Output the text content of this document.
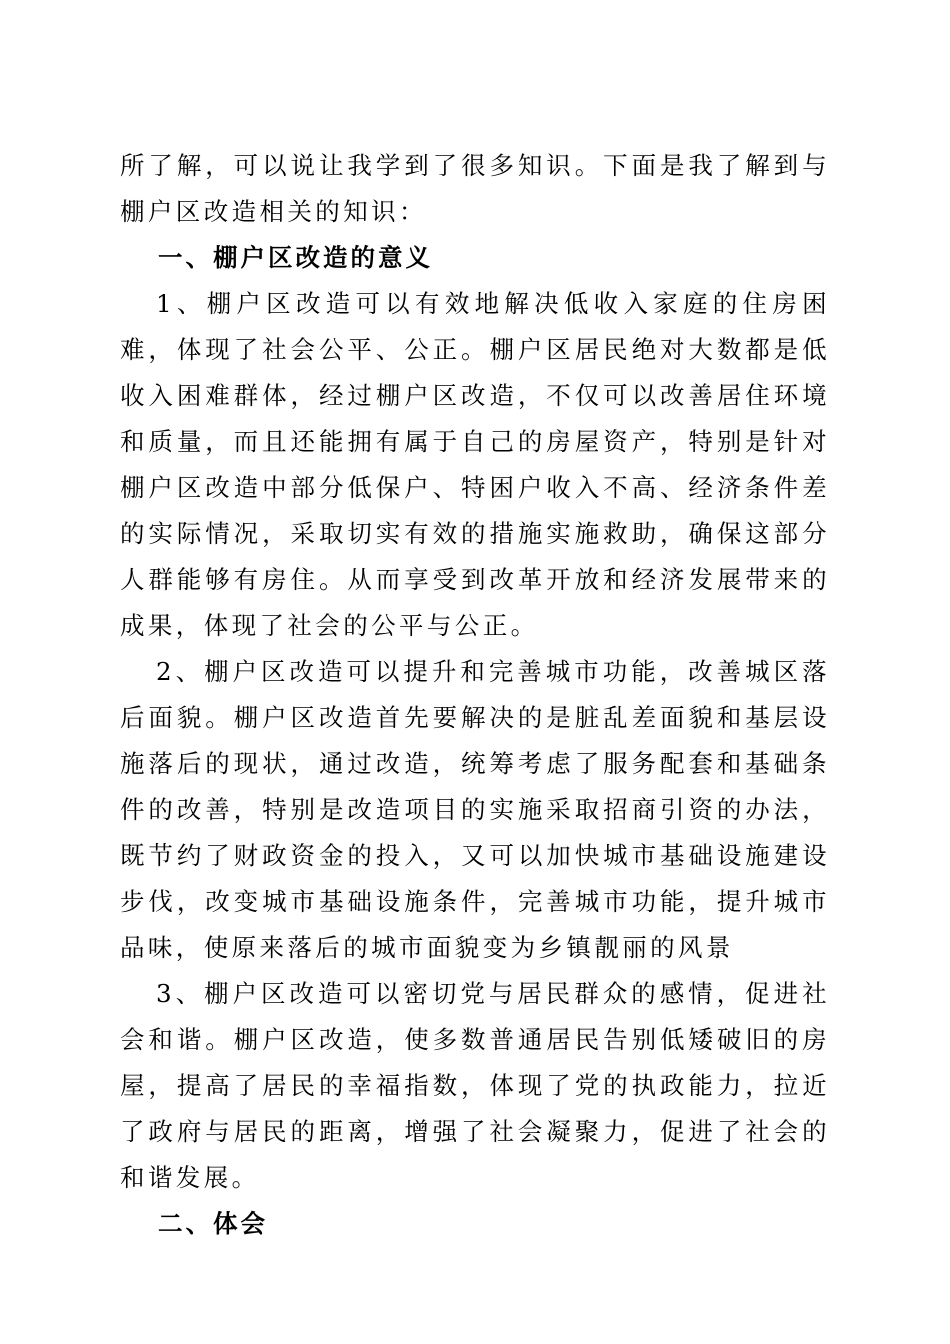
所了解，可以说让我学到了很多知识。下面是我了解到与棚户区改造相关的知识：

一、棚户区改造的意义

1、棚户区改造可以有效地解决低收入家庭的住房困难，体现了社会公平、公正。棚户区居民绝对大数都是低收入困难群体，经过棚户区改造，不仅可以改善居住环境和质量，而且还能拥有属于自己的房屋资产，特别是针对棚户区改造中部分低保户、特困户收入不高、经济条件差的实际情况，采取切实有效的措施实施救助，确保这部分人群能够有房住。从而享受到改革开放和经济发展带来的成果，体现了社会的公平与公正。

2、棚户区改造可以提升和完善城市功能，改善城区落后面貌。棚户区改造首先要解决的是脏乱差面貌和基层设施落后的现状，通过改造，统筹考虑了服务配套和基础条件的改善，特别是改造项目的实施采取招商引资的办法，既节约了财政资金的投入，又可以加快城市基础设施建设步伐，改变城市基础设施条件，完善城市功能，提升城市品味，使原来落后的城市面貌变为乡镇靓丽的风景

3、棚户区改造可以密切党与居民群众的感情，促进社会和谐。棚户区改造，使多数普通居民告别低矮破旧的房屋，提高了居民的幸福指数，体现了党的执政能力，拉近了政府与居民的距离，增强了社会凝聚力，促进了社会的和谐发展。

二、体会
